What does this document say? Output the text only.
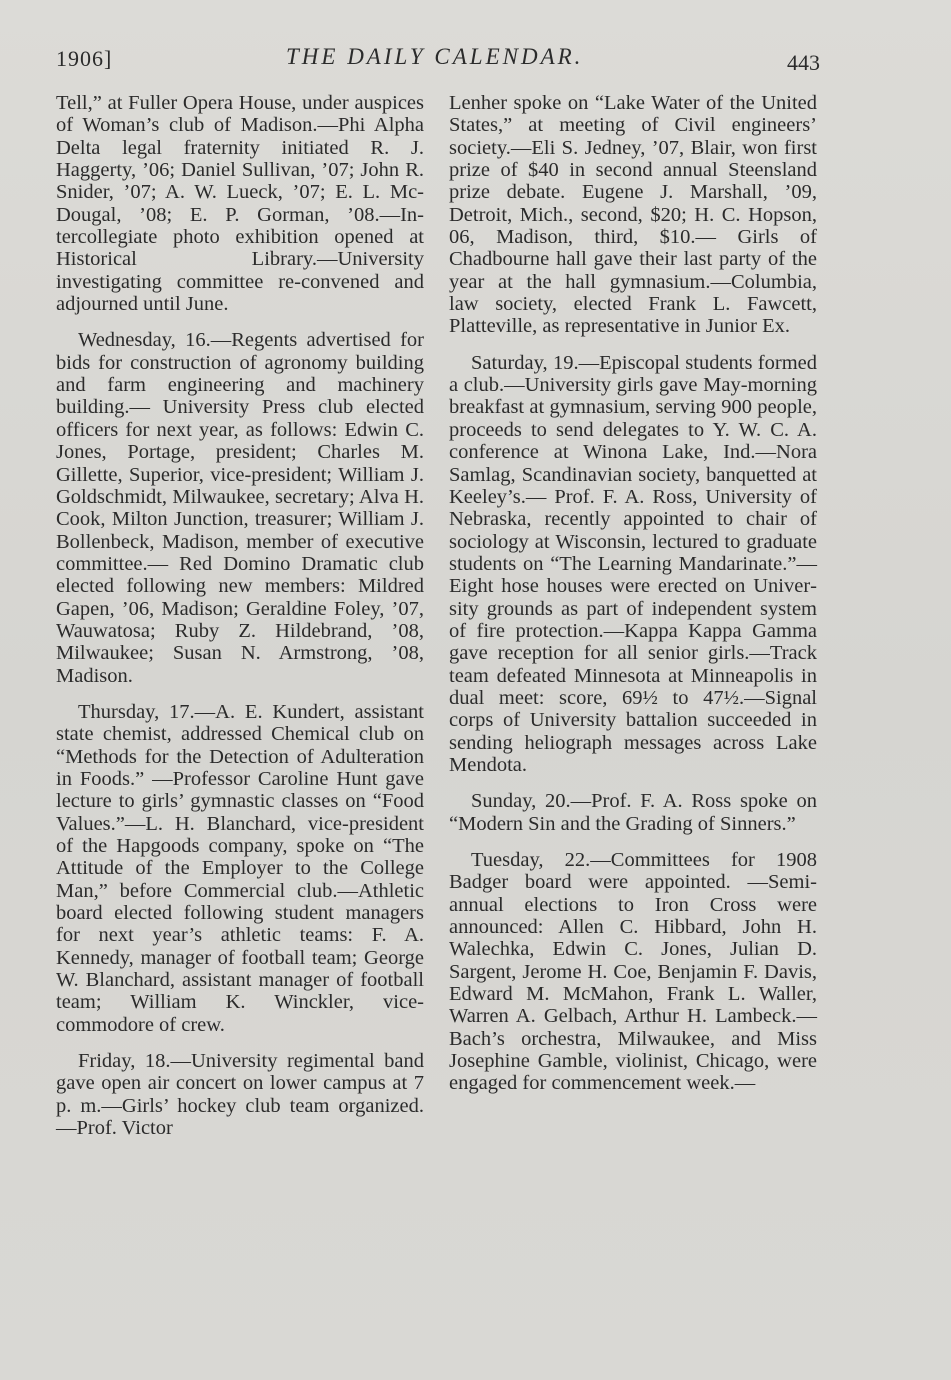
1906]	THE DAILY CALENDAR.	443

Tell,” at Fuller Opera House, under auspices of Woman’s club of Madison.—Phi Alpha Delta legal fraternity initiated R. J. Haggerty, ’06; Daniel Sullivan, ’07; John R. Snider, ’07; A. W. Lueck, ’07; E. L. McDougal, ’08; E. P. Gorman, ’08.—Intercollegiate photo exhibition opened at Historical Library.—University investigating committee re-convened and adjourned until June.

Wednesday, 16.—Regents advertised for bids for construction of agronomy building and farm engineering and machinery building.— University Press club elected officers for next year, as follows: Edwin C. Jones, Portage, president; Charles M. Gillette, Superior, vice-president; William J. Goldschmidt, Milwaukee, secretary; Alva H. Cook, Milton Junction, treasurer; William J. Bollenbeck, Madison, member of executive committee.— Red Domino Dramatic club elected following new members: Mildred Gapen, ’06, Madison; Geraldine Foley, ’07, Wauwatosa; Ruby Z. Hildebrand, ’08, Milwaukee; Susan N. Armstrong, ’08, Madison.

Thursday, 17.—A. E. Kundert, assistant state chemist, addressed Chemical club on “Methods for the Detection of Adulteration in Foods.” —Professor Caroline Hunt gave lecture to girls’ gymnastic classes on “Food Values.”—L. H. Blanchard, vice-president of the Hapgoods company, spoke on “The Attitude of the Employer to the College Man,” before Commercial club.—Athletic board elected following student managers for next year’s athletic teams: F. A. Kennedy, manager of football team; George W. Blanchard, assistant manager of football team; William K. Winckler, vice-commodore of crew.

Friday, 18.—University regimental band gave open air concert on lower campus at 7 p. m.—Girls’ hockey club team organized.—Prof. Victor

Lenher spoke on “Lake Water of the United States,” at meeting of Civil engineers’ society.—Eli S. Jedney, ’07, Blair, won first prize of $40 in second annual Steensland prize debate. Eugene J. Marshall, ’09, Detroit, Mich., second, $20; H. C. Hopson, 06, Madison, third, $10.— Girls of Chadbourne hall gave their last party of the year at the hall gymnasium.—Columbia, law society, elected Frank L. Fawcett, Platteville, as representative in Junior Ex.

Saturday, 19.—Episcopal students formed a club.—University girls gave May-morning breakfast at gymnasium, serving 900 people, proceeds to send delegates to Y. W. C. A. conference at Winona Lake, Ind.—Nora Samlag, Scandinavian society, banquetted at Keeley’s.— Prof. F. A. Ross, University of Nebraska, recently appointed to chair of sociology at Wisconsin, lectured to graduate students on “The Learning Mandarinate.”—Eight hose houses were erected on University grounds as part of independent system of fire protection.—Kappa Kappa Gamma gave reception for all senior girls.—Track team defeated Minnesota at Minneapolis in dual meet: score, 69½ to 47½.—Signal corps of University battalion succeeded in sending heliograph messages across Lake Mendota.

Sunday, 20.—Prof. F. A. Ross spoke on “Modern Sin and the Grading of Sinners.”

Tuesday, 22.—Committees for 1908 Badger board were appointed. —Semi-annual elections to Iron Cross were announced: Allen C. Hibbard, John H. Walechka, Edwin C. Jones, Julian D. Sargent, Jerome H. Coe, Benjamin F. Davis, Edward M. McMahon, Frank L. Waller, Warren A. Gelbach, Arthur H. Lambeck.—Bach’s orchestra, Milwaukee, and Miss Josephine Gamble, violinist, Chicago, were engaged for commencement week.—
